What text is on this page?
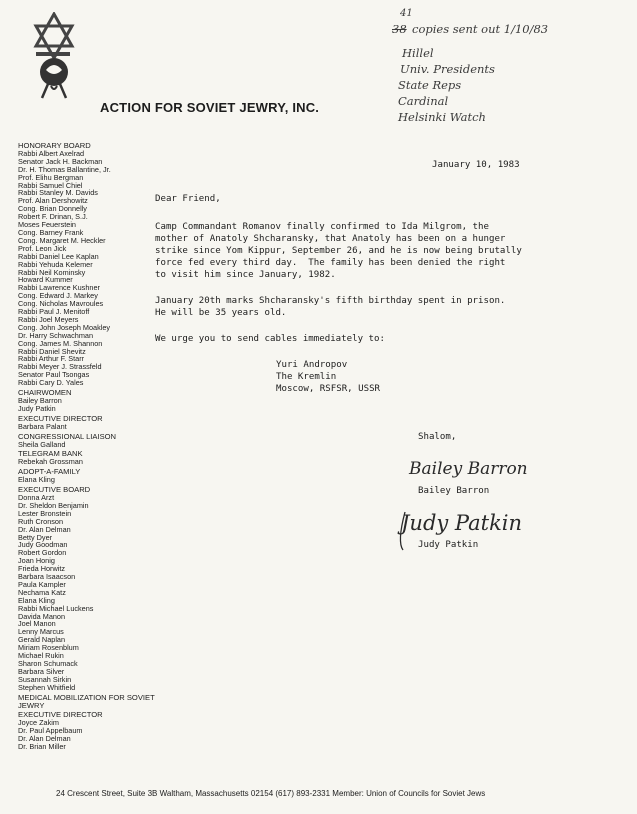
ACTION FOR SOVIET JEWRY, INC.
41
38 copies sent out 1/10/83
Hillel
Univ. Presidents
State Reps
Cardinal
Helsinki Watch
HONORARY BOARD
Rabbi Albert Axelrad
Senator Jack H. Backman
Dr. H. Thomas Ballantine, Jr.
Prof. Elihu Bergman
Rabbi Samuel Chiel
Rabbi Stanley M. Davids
Prof. Alan Dershowitz
Cong. Brian Donnelly
Robert F. Drinan, S.J.
Moses Feuerstein
Cong. Barney Frank
Cong. Margaret M. Heckler
Prof. Leon Jick
Rabbi Daniel Lee Kaplan
Rabbi Yehuda Kelemer
Rabbi Neil Kominsky
Howard Kummer
Rabbi Lawrence Kushner
Cong. Edward J. Markey
Cong. Nicholas Mavroules
Rabbi Paul J. Menitoff
Rabbi Joel Meyers
Cong. John Joseph Moakley
Dr. Harry Schwachman
Cong. James M. Shannon
Rabbi Daniel Shevitz
Rabbi Arthur F. Starr
Rabbi Meyer J. Strassfeld
Senator Paul Tsongas
Rabbi Cary D. Yales
CHAIRWOMEN
Bailey Barron
Judy Patkin
EXECUTIVE DIRECTOR
Barbara Palant
CONGRESSIONAL LIAISON
Sheila Galland
TELEGRAM BANK
Rebekah Grossman
ADOPT-A-FAMILY
Elana Kling
EXECUTIVE BOARD
Donna Arzt
Dr. Sheldon Benjamin
Lester Bronstein
Ruth Cronson
Dr. Alan Delman
Betty Dyer
Judy Goodman
Robert Gordon
Joan Honig
Frieda Horwitz
Barbara Isaacson
Paula Kampler
Nechama Katz
Elana Kling
Rabbi Michael Luckens
Davida Manon
Joel Manon
Lenny Marcus
Gerald Naplan
Miriam Rosenblum
Michael Rukin
Sharon Schumack
Barbara Silver
Susannah Sirkin
Stephen Whitfield
MEDICAL MOBILIZATION FOR SOVIET JEWRY
EXECUTIVE DIRECTOR
Joyce Zakim
Dr. Paul Appelbaum
Dr. Alan Delman
Dr. Brian Miller
January 10, 1983
Dear Friend,
Camp Commandant Romanov finally confirmed to Ida Milgrom, the
mother of Anatoly Shcharansky, that Anatoly has been on a hunger
strike since Yom Kippur, September 26, and he is now being brutally
force fed every third day.  The family has been denied the right
to visit him since January, 1982.
January 20th marks Shcharansky's fifth birthday spent in prison.
He will be 35 years old.
We urge you to send cables immediately to:
Yuri Andropov
The Kremlin
Moscow, RSFSR, USSR
Shalom,
Bailey Barron
Judy Patkin
Bailey Barron
Judy Patkin
24 Crescent Street, Suite 3B Waltham, Massachusetts 02154 (617) 893-2331 Member: Union of Councils for Soviet Jews
